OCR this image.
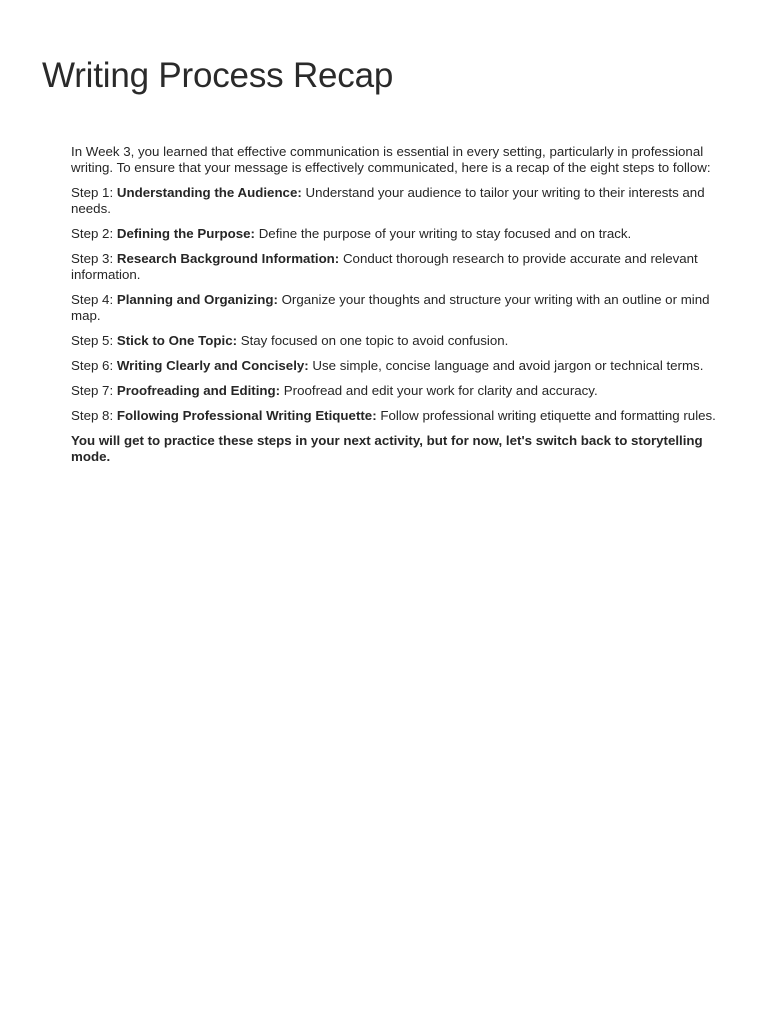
Writing Process Recap

In Week 3, you learned that effective communication is essential in every setting, particularly in professional writing. To ensure that your message is effectively communicated, here is a recap of the eight steps to follow:

Step 1: Understanding the Audience: Understand your audience to tailor your writing to their interests and needs.

Step 2: Defining the Purpose: Define the purpose of your writing to stay focused and on track.

Step 3: Research Background Information: Conduct thorough research to provide accurate and relevant information.

Step 4: Planning and Organizing: Organize your thoughts and structure your writing with an outline or mind map.

Step 5: Stick to One Topic: Stay focused on one topic to avoid confusion.

Step 6: Writing Clearly and Concisely: Use simple, concise language and avoid jargon or technical terms.

Step 7: Proofreading and Editing: Proofread and edit your work for clarity and accuracy.

Step 8: Following Professional Writing Etiquette: Follow professional writing etiquette and formatting rules.

You will get to practice these steps in your next activity, but for now, let's switch back to storytelling mode.
